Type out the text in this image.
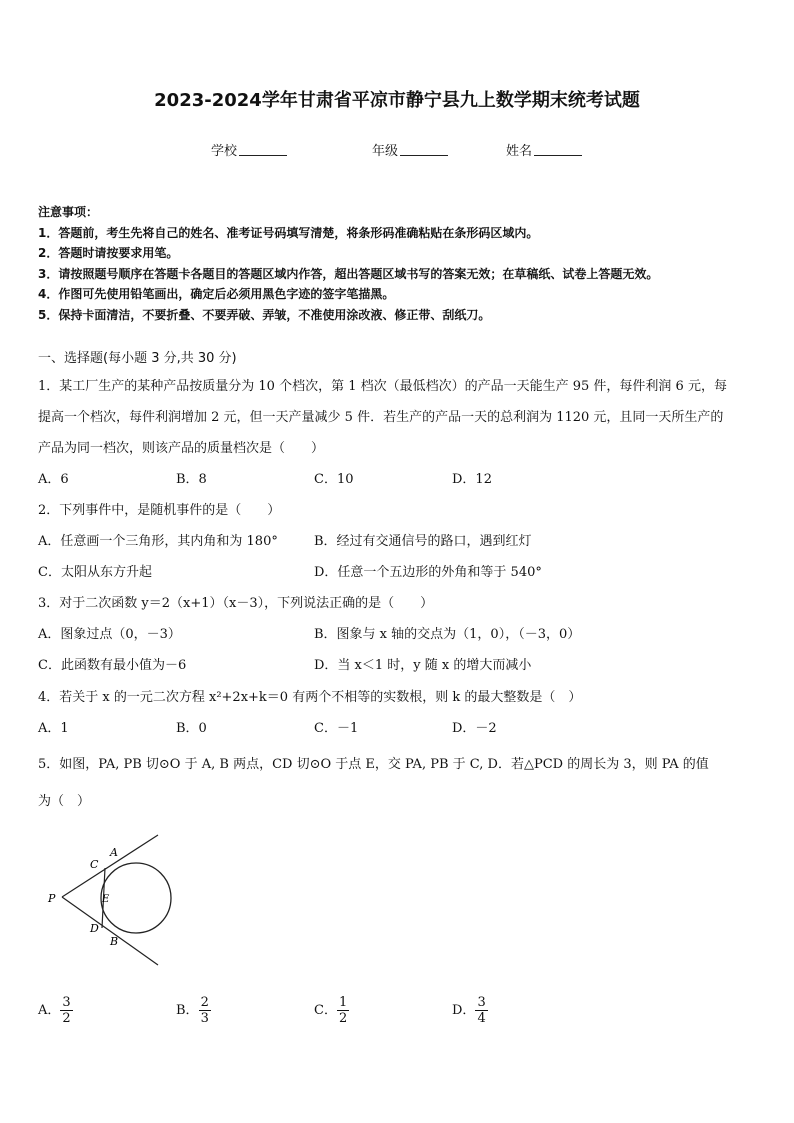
2023-2024学年甘肃省平凉市静宁县九上数学期末统考试题
学校	年级	姓名
注意事项：
1．答题前，考生先将自己的姓名、准考证号码填写清楚，将条形码准确粘贴在条形码区域内。
2．答题时请按要求用笔。
3．请按照题号顺序在答题卡各题目的答题区域内作答，超出答题区域书写的答案无效；在草稿纸、试卷上答题无效。
4．作图可先使用铅笔画出，确定后必须用黑色字迹的签字笔描黑。
5．保持卡面清洁，不要折叠、不要弄破、弄皱，不准使用涂改液、修正带、刮纸刀。
一、选择题(每小题 3 分,共 30 分)
1．某工厂生产的某种产品按质量分为 10 个档次，第 1 档次（最低档次）的产品一天能生产 95 件，每件利润 6 元，每
提高一个档次，每件利润增加 2 元，但一天产量减少 5 件．若生产的产品一天的总利润为 1120 元，且同一天所生产的
产品为同一档次，则该产品的质量档次是（　　）
A．6	B．8	C．10	D．12
2．下列事件中，是随机事件的是（　　）
A．任意画一个三角形，其内角和为 180°	B．经过有交通信号的路口，遇到红灯
C．太阳从东方升起	D．任意一个五边形的外角和等于 540°
3．对于二次函数 y＝2（x+1）（x－3），下列说法正确的是（　　）
A．图象过点（0，－3）	B．图象与 x 轴的交点为（1，0），（－3，0）
C．此函数有最小值为－6	D．当 x＜1 时，y 随 x 的增大而减小
4．若关于 x 的一元二次方程 x²+2x+k＝0 有两个不相等的实数根，则 k 的最大整数是（　）
A．1	B．0	C．－1	D．－2
5．如图，PA, PB 切⊙O 于 A, B 两点，CD 切⊙O 于点 E，交 PA, PB 于 C, D．若△PCD 的周长为 3，则 PA 的值
为（　）
P
A
B
C
D
E
A． $\frac{3}{2}$	B． $\frac{2}{3}$	C． $\frac{1}{2}$	D． $\frac{3}{4}$
